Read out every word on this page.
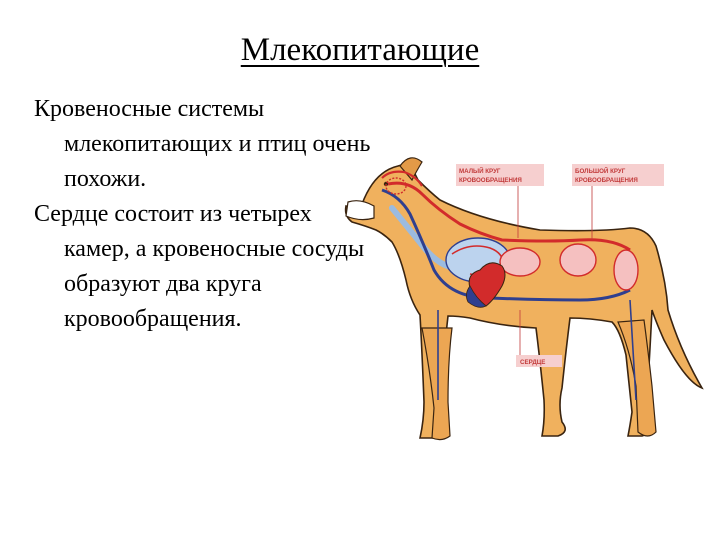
Млекопитающие

Кровеносные системы млекопитающих и птиц очень похожи.

Сердце состоит из четырех камер, а кровеносные сосуды образуют два круга кровообращения.

МАЛЫЙ КРУГ
КРОВООБРАЩЕНИЯ
БОЛЬШОЙ КРУГ
КРОВООБРАЩЕНИЯ
СЕРДЦЕ
